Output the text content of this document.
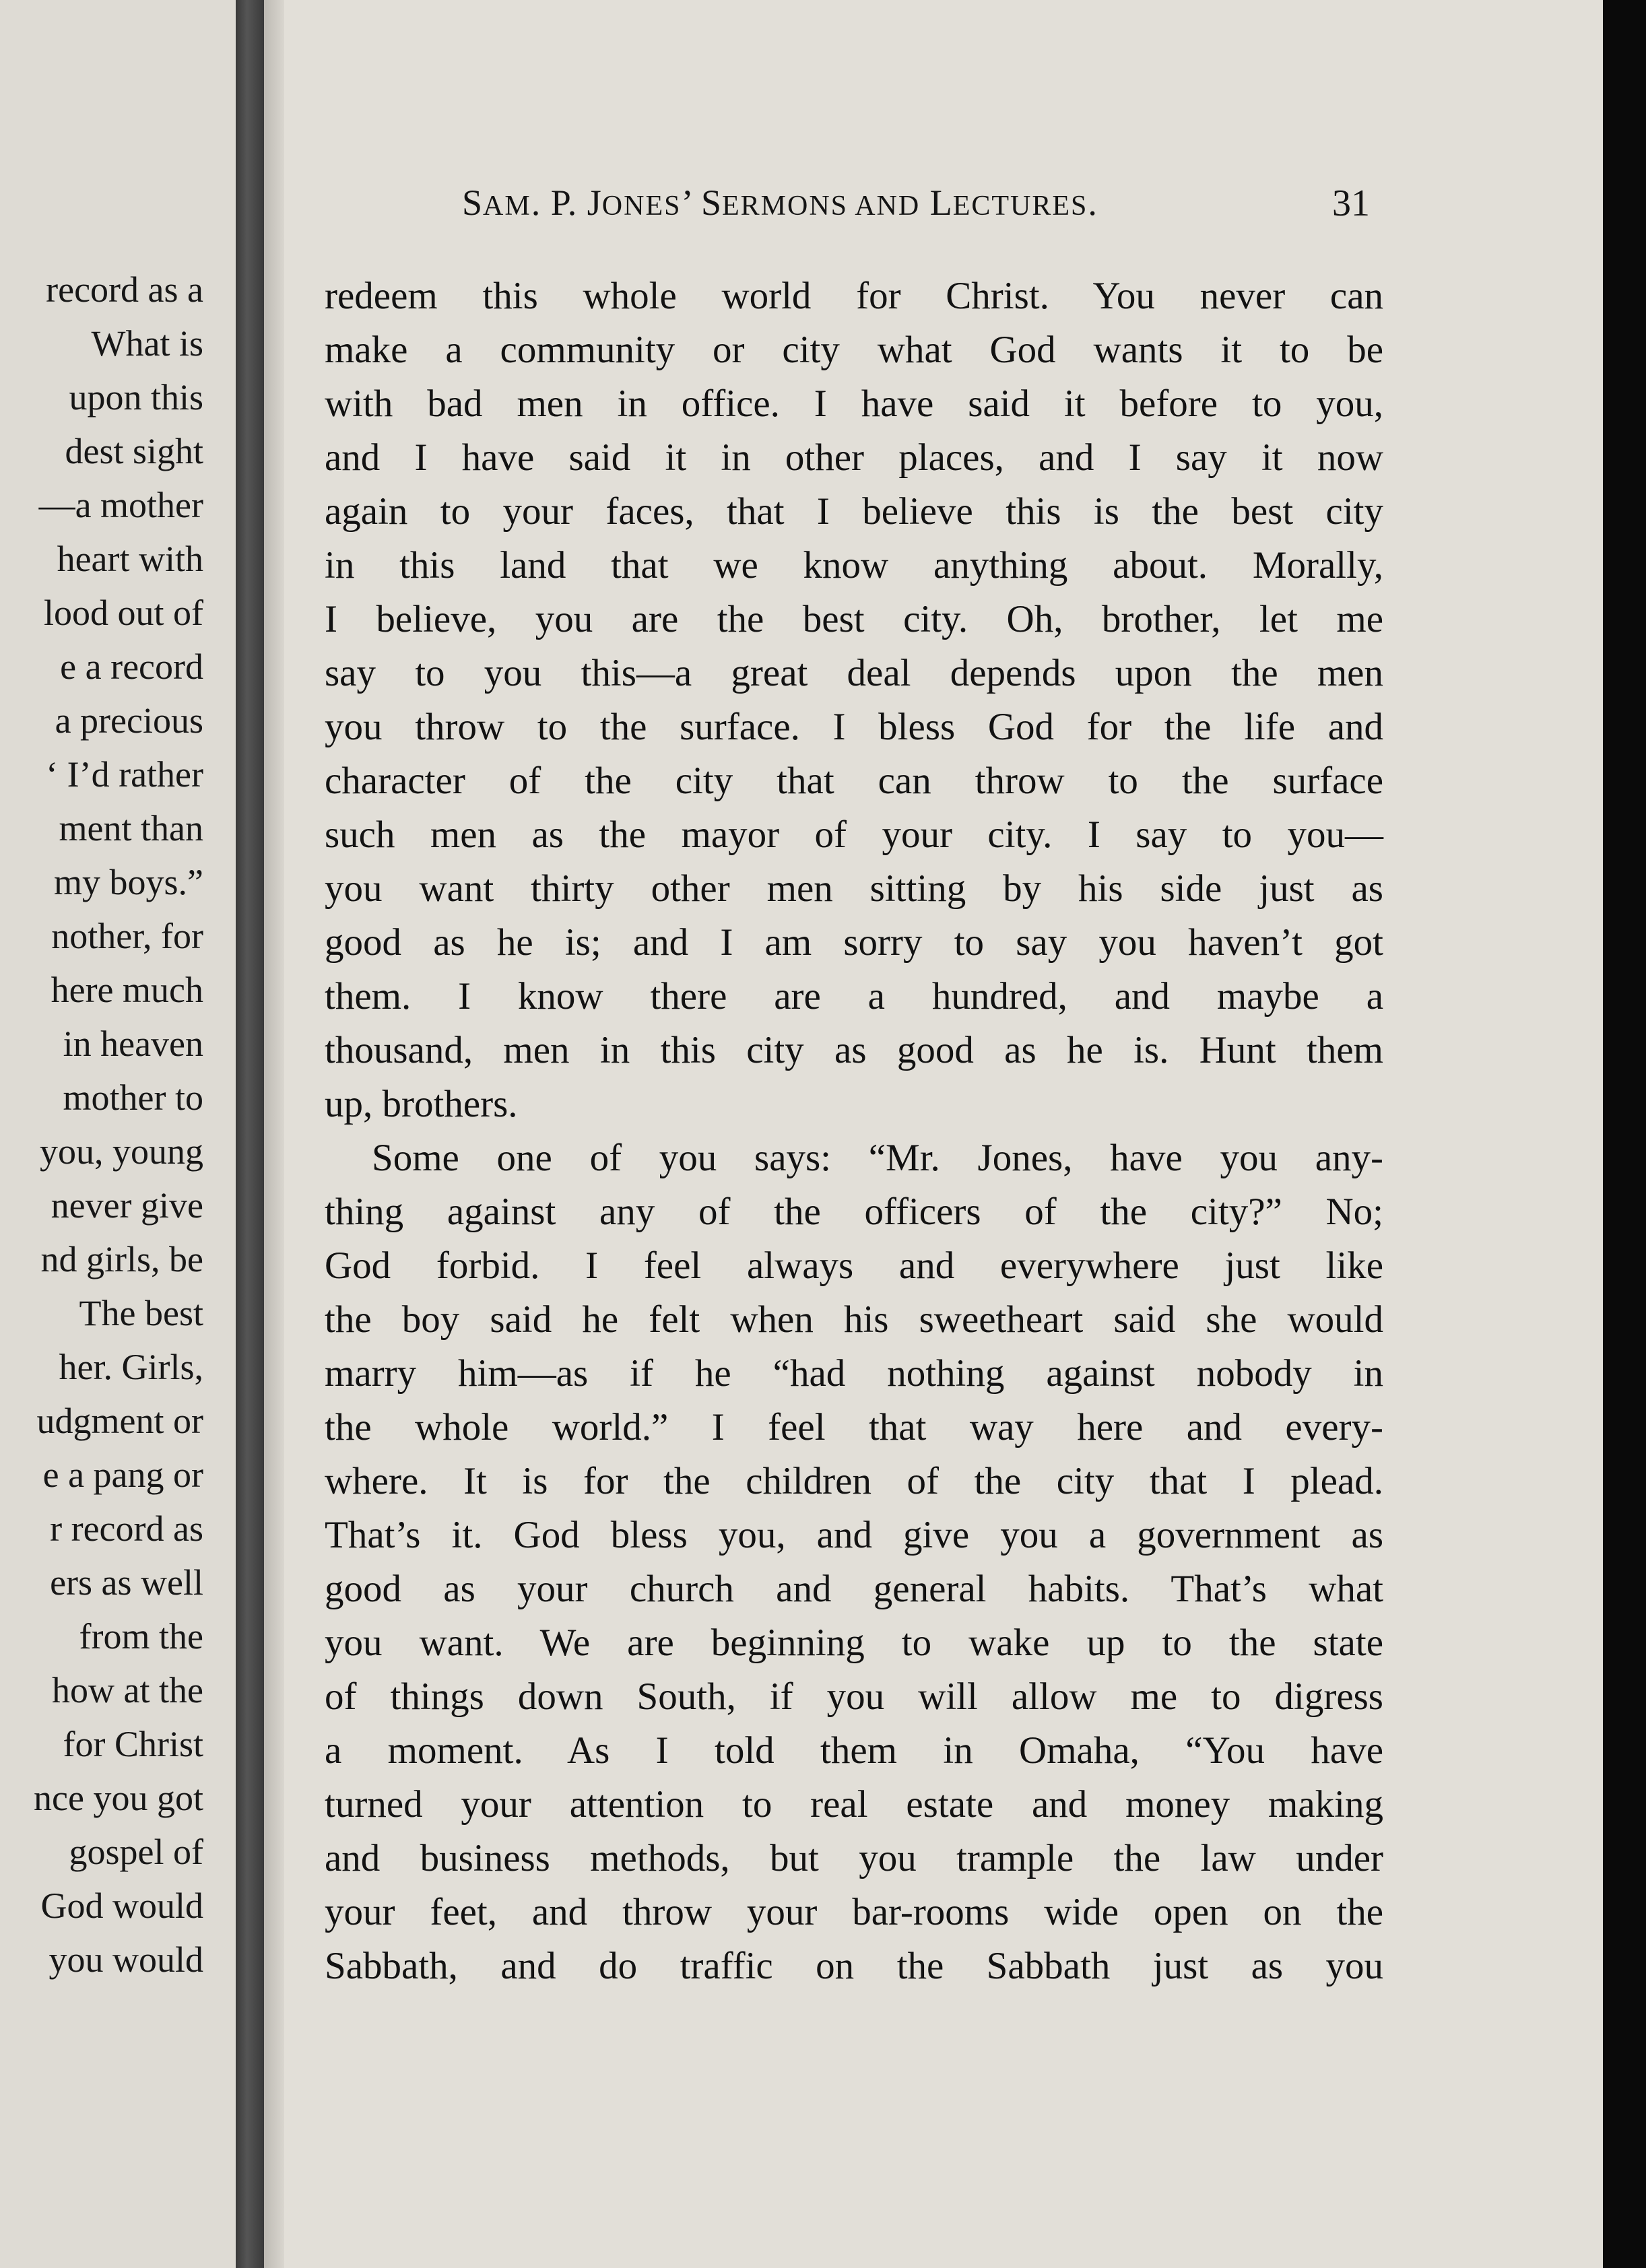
record as a
What is
upon this
dest sight
—a mother
heart with
lood out of
e a record
a precious
‘ I’d rather
ment than
my boys.”
nother, for
here much
in heaven
mother to
you, young
never give
nd girls, be
The best
her. Girls,
udgment or
e a pang or
r record as
ers as well
from the
how at the
for Christ
nce you got
gospel of
God would
you would
SAM. P. JONES’ SERMONS AND LECTURES.	31
redeem this whole world for Christ. You never can
make a community or city what God wants it to be
with bad men in office. I have said it before to you,
and I have said it in other places, and I say it now
again to your faces, that I believe this is the best city
in this land that we know anything about. Morally,
I believe, you are the best city. Oh, brother, let me
say to you this—a great deal depends upon the men
you throw to the surface. I bless God for the life and
character of the city that can throw to the surface
such men as the mayor of your city. I say to you—
you want thirty other men sitting by his side just as
good as he is; and I am sorry to say you haven’t got
them. I know there are a hundred, and maybe a
thousand, men in this city as good as he is. Hunt them
up, brothers.
Some one of you says: “Mr. Jones, have you any-
thing against any of the officers of the city?” No;
God forbid. I feel always and everywhere just like
the boy said he felt when his sweetheart said she would
marry him—as if he “had nothing against nobody in
the whole world.” I feel that way here and every-
where. It is for the children of the city that I plead.
That’s it. God bless you, and give you a government as
good as your church and general habits. That’s what
you want. We are beginning to wake up to the state
of things down South, if you will allow me to digress
a moment. As I told them in Omaha, “You have
turned your attention to real estate and money making
and business methods, but you trample the law under
your feet, and throw your bar-rooms wide open on the
Sabbath, and do traffic on the Sabbath just as you
